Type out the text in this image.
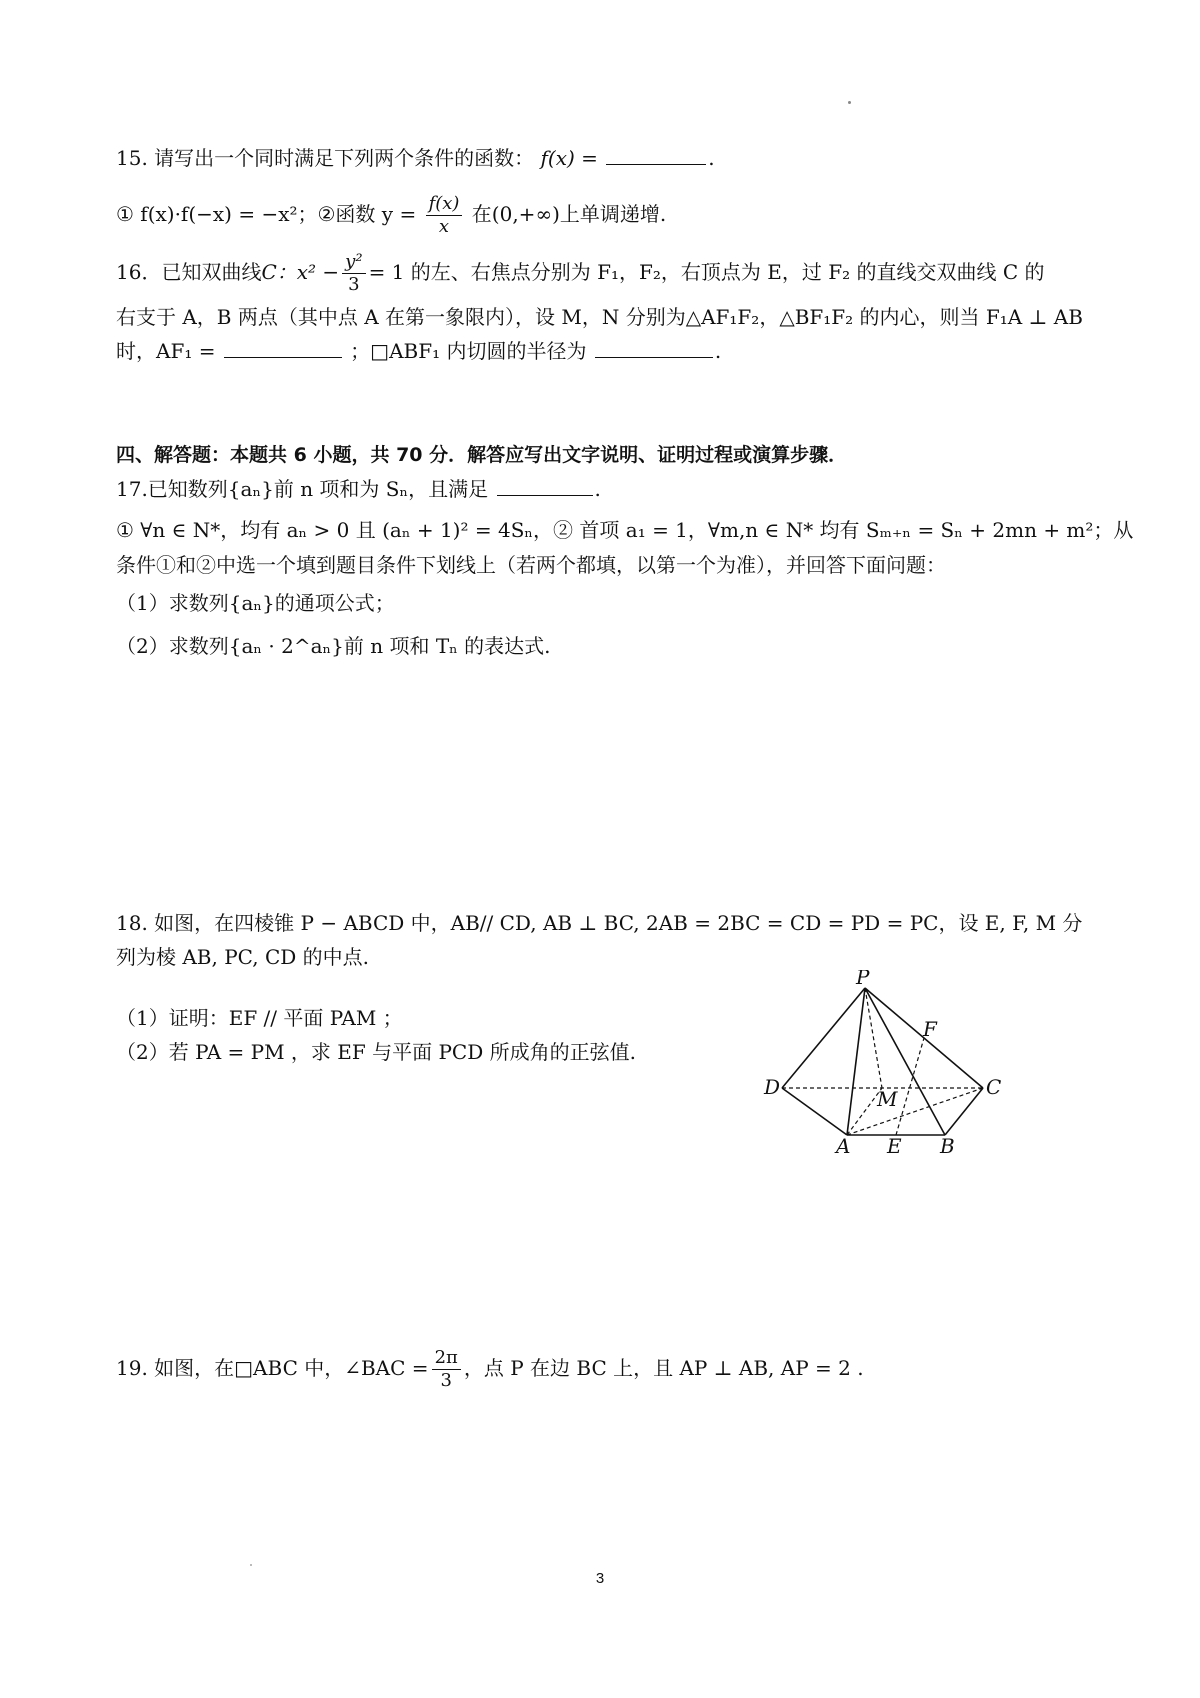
15. 请写出一个同时满足下列两个条件的函数： f(x) =	.
① f(x)·f(−x) = −x²；②函数 $y = \frac{f(x)}{x}$ 在(0,+∞)上单调递增.
16．已知双曲线C：$x^2 - \frac{\text{y²}}{3} = 1$ 的左、右焦点分别为 F₁，F₂，右顶点为 E，过 F₂ 的直线交双曲线 C 的
右支于 A，B 两点（其中点 A 在第一象限内），设 M，N 分别为△AF₁F₂，△BF₁F₂ 的内心，则当 F₁A ⊥ AB
时，AF₁ =	；□ABF₁ 内切圆的半径为	.
四、解答题：本题共 6 小题，共 70 分．解答应写出文字说明、证明过程或演算步骤．
17.已知数列{aₙ}前 n 项和为 Sₙ，且满足	.
① ∀n ∈ N*，均有 aₙ > 0 且 (aₙ + 1)² = 4Sₙ，② 首项 a₁ = 1，∀m,n ∈ N* 均有 Sₘ₊ₙ = Sₙ + 2mn + m²；从
条件①和②中选一个填到题目条件下划线上（若两个都填，以第一个为准），并回答下面问题：
（1）求数列{aₙ}的通项公式；
（2）求数列{aₙ · 2^aₙ}前 n 项和 Tₙ 的表达式.
18. 如图，在四棱锥 P − ABCD 中，AB// CD, AB ⊥ BC, 2AB = 2BC = CD = PD = PC，设 E, F, M 分
列为棱 AB, PC, CD 的中点.
（1）证明：EF // 平面 PAM ；
（2）若 PA = PM ，求 EF 与平面 PCD 所成角的正弦值.
P
F
D	C
M
A E B
19. 如图，在□ABC 中，∠BAC = $\frac{2\pi}{3}$ ，点 P 在边 BC 上，且 AP ⊥ AB, AP = 2 .
3
